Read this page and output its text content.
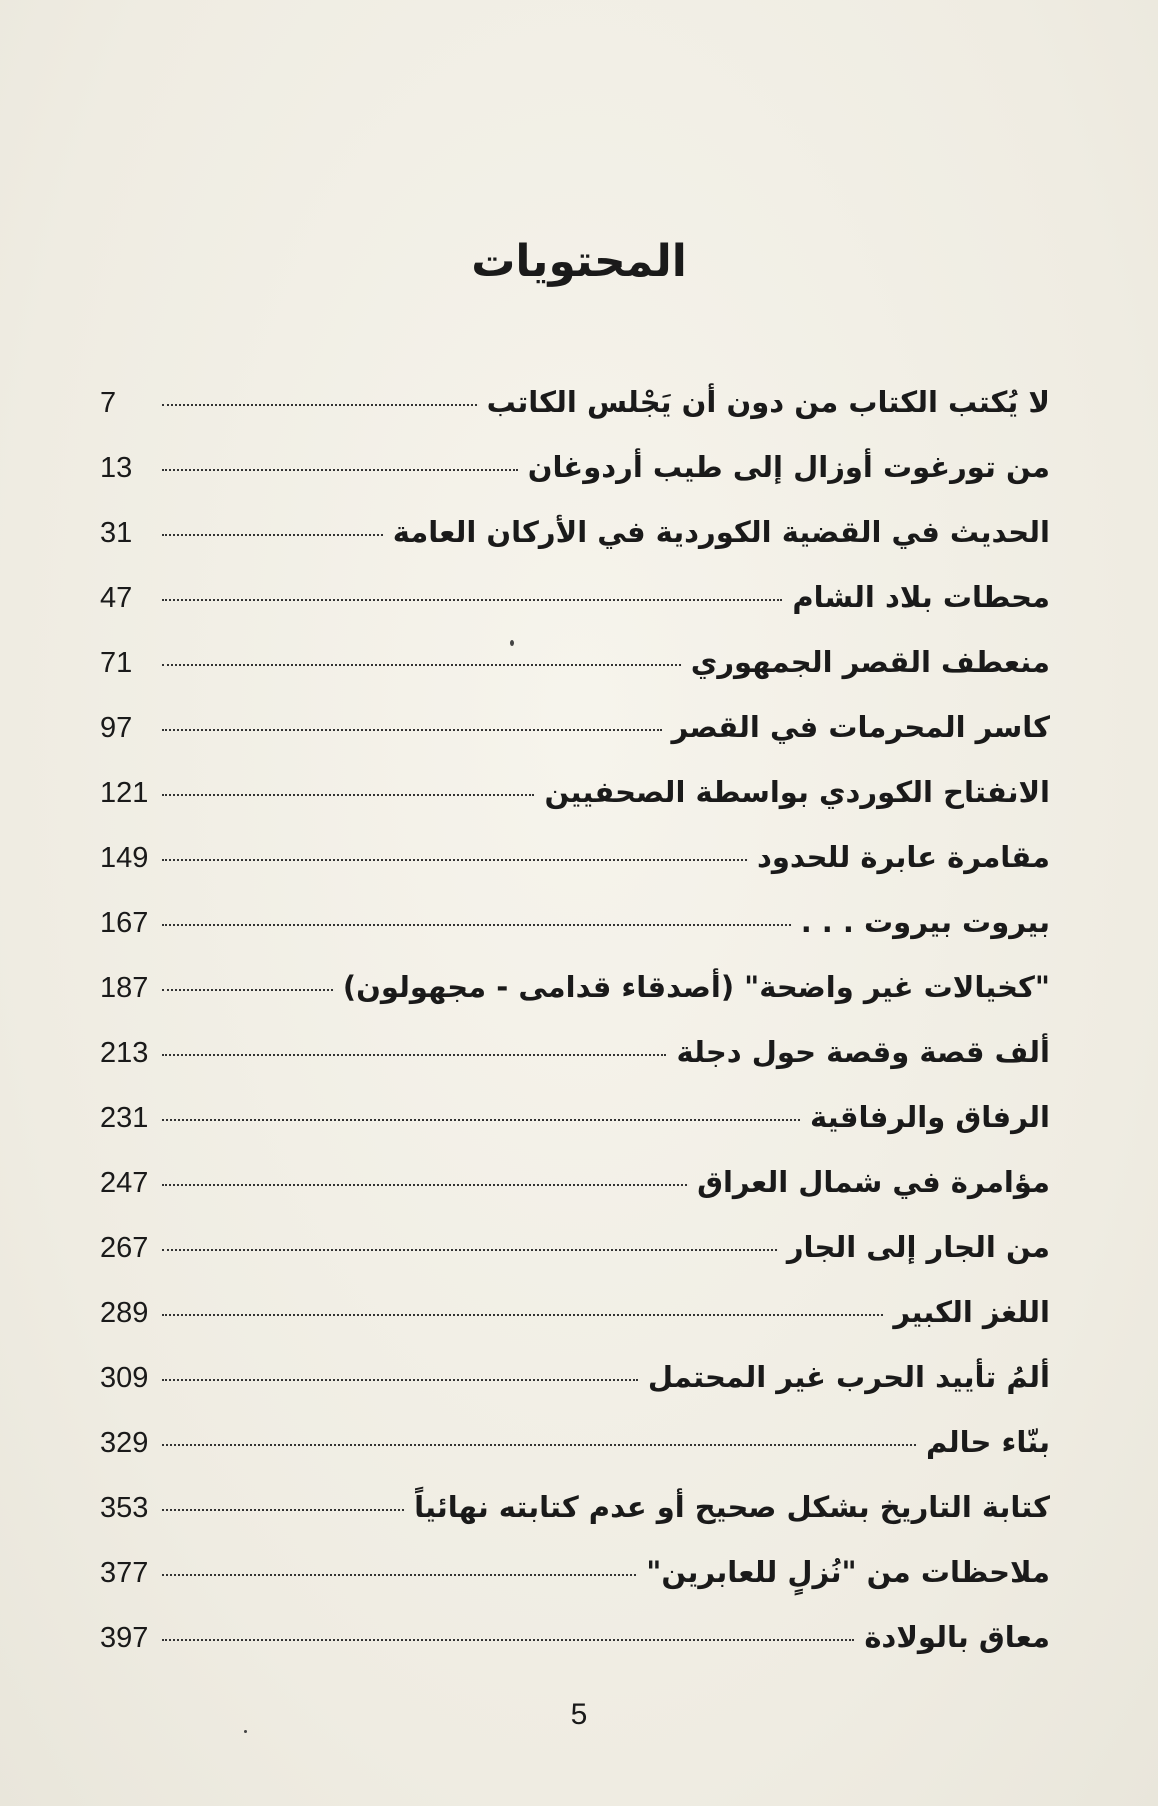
المحتويات
لا يُكتب الكتاب من دون أن يَجْلس الكاتب
7
من تورغوت أوزال إلى طيب أردوغان
13
الحديث في القضية الكوردية في الأركان العامة
31
محطات بلاد الشام
47
منعطف القصر الجمهوري
71
كاسر المحرمات في القصر
97
الانفتاح الكوردي بواسطة الصحفيين
121
مقامرة عابرة للحدود
149
بيروت بيروت . . .
167
"كخيالات غير واضحة" (أصدقاء قدامى - مجهولون)
187
ألف قصة وقصة حول دجلة
213
الرفاق والرفاقية
231
مؤامرة في شمال العراق
247
من الجار إلى الجار
267
اللغز الكبير
289
ألمُ تأييد الحرب غير المحتمل
309
بنّاء حالم
329
كتابة التاريخ بشكل صحيح أو عدم كتابته نهائياً
353
ملاحظات من "نُزلٍ للعابرين"
377
معاق بالولادة
397
5
